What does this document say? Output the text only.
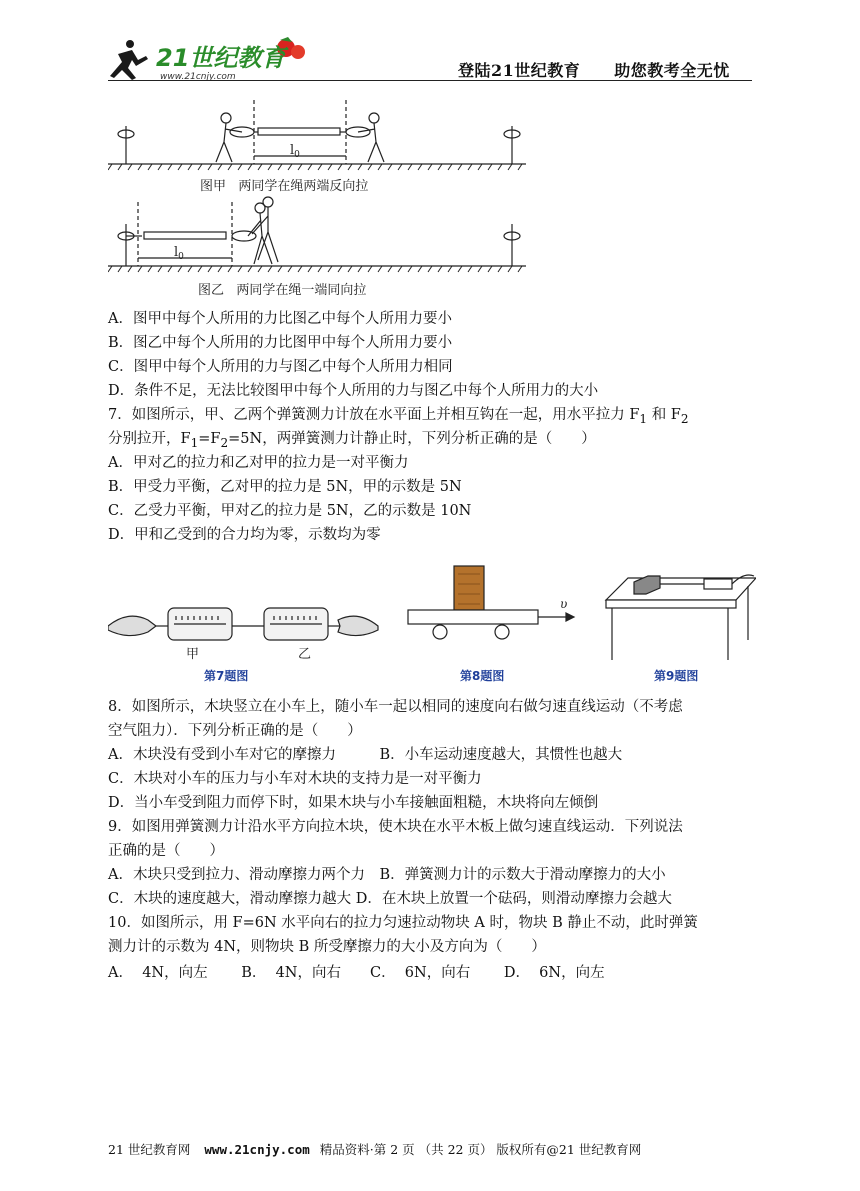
21世纪教育
www.21cnjy.com	登陆21世纪教育 助您教考全无忧
$l_0$
图甲   两同学在绳两端反向拉
$l_0$
图乙   两同学在绳一端同向拉
A．图甲中每个人所用的力比图乙中每个人所用力要小
B．图乙中每个人所用的力比图甲中每个人所用力要小
C．图甲中每个人所用的力与图乙中每个人所用力相同
D．条件不足，无法比较图甲中每个人所用的力与图乙中每个人所用力的大小
7．如图所示，甲、乙两个弹簧测力计放在水平面上并相互钩在一起，用水平拉力 $F_1$ 和 $F_2$
分别拉开，$F_1=F_2=5N$，两弹簧测力计静止时，下列分析正确的是（　　）
A．甲对乙的拉力和乙对甲的拉力是一对平衡力
B．甲受力平衡，乙对甲的拉力是 5N，甲的示数是 5N
C．乙受力平衡，甲对乙的拉力是 5N，乙的示数是 10N
D．甲和乙受到的合力均为零，示数均为零
甲	乙
第7题图
υ
第8题图	第9题图
8．如图所示，木块竖立在小车上，随小车一起以相同的速度向右做匀速直线运动（不考虑
空气阻力）．下列分析正确的是（　　）
A．木块没有受到小车对它的摩擦力　　　B．小车运动速度越大，其惯性也越大
C．木块对小车的压力与小车对木块的支持力是一对平衡力
D．当小车受到阻力而停下时，如果木块与小车接触面粗糙，木块将向左倾倒
9．如图用弹簧测力计沿水平方向拉木块，使木块在水平木板上做匀速直线运动．下列说法
正确的是（　　）
A．木块只受到拉力、滑动摩擦力两个力　B．弹簧测力计的示数大于滑动摩擦力的大小
C．木块的速度越大，滑动摩擦力越大 D．在木块上放置一个砝码，则滑动摩擦力会越大
10．如图所示，用 F=6N 水平向右的拉力匀速拉动物块 A 时，物块 B 静止不动，此时弹簧
测力计的示数为 4N，则物块 B 所受摩擦力的大小及方向为（　　）
A．  4N，向左　　 B．  4N，向右　　C．  6N，向右　　 D．  6N，向左
21 世纪教育网 www.21cnjy.com 精品资料·第 2 页 （共 22 页） 版权所有@21 世纪教育网
